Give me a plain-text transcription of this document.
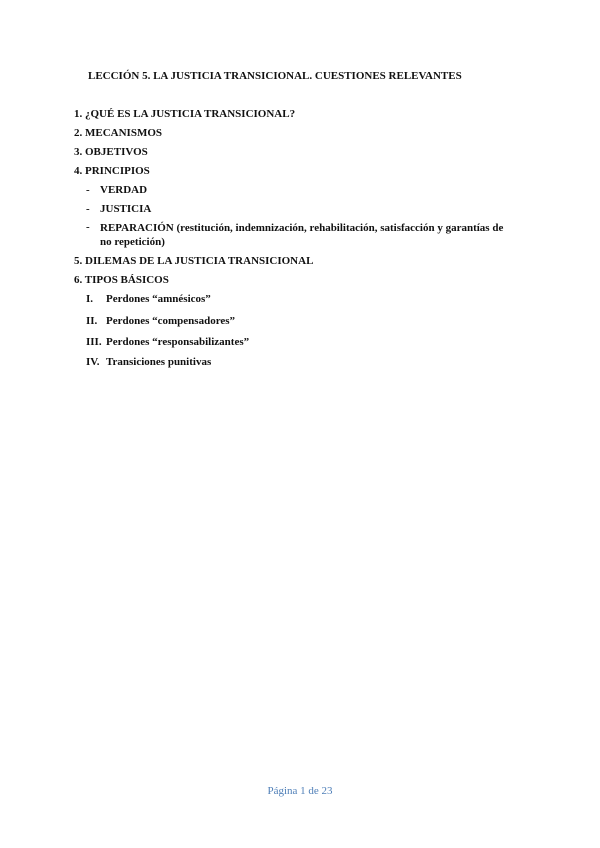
LECCIÓN 5. LA JUSTICIA TRANSICIONAL. CUESTIONES RELEVANTES
1. ¿QUÉ ES LA JUSTICIA TRANSICIONAL?
2. MECANISMOS
3. OBJETIVOS
4. PRINCIPIOS
- VERDAD
- JUSTICIA
- REPARACIÓN (restitución, indemnización, rehabilitación, satisfacción y garantías de no repetición)
5. DILEMAS DE LA JUSTICIA TRANSICIONAL
6. TIPOS BÁSICOS
I. Perdones “amnésicos”
II. Perdones “compensadores”
III. Perdones “responsabilizantes”
IV. Transiciones punitivas
Página 1 de 23
